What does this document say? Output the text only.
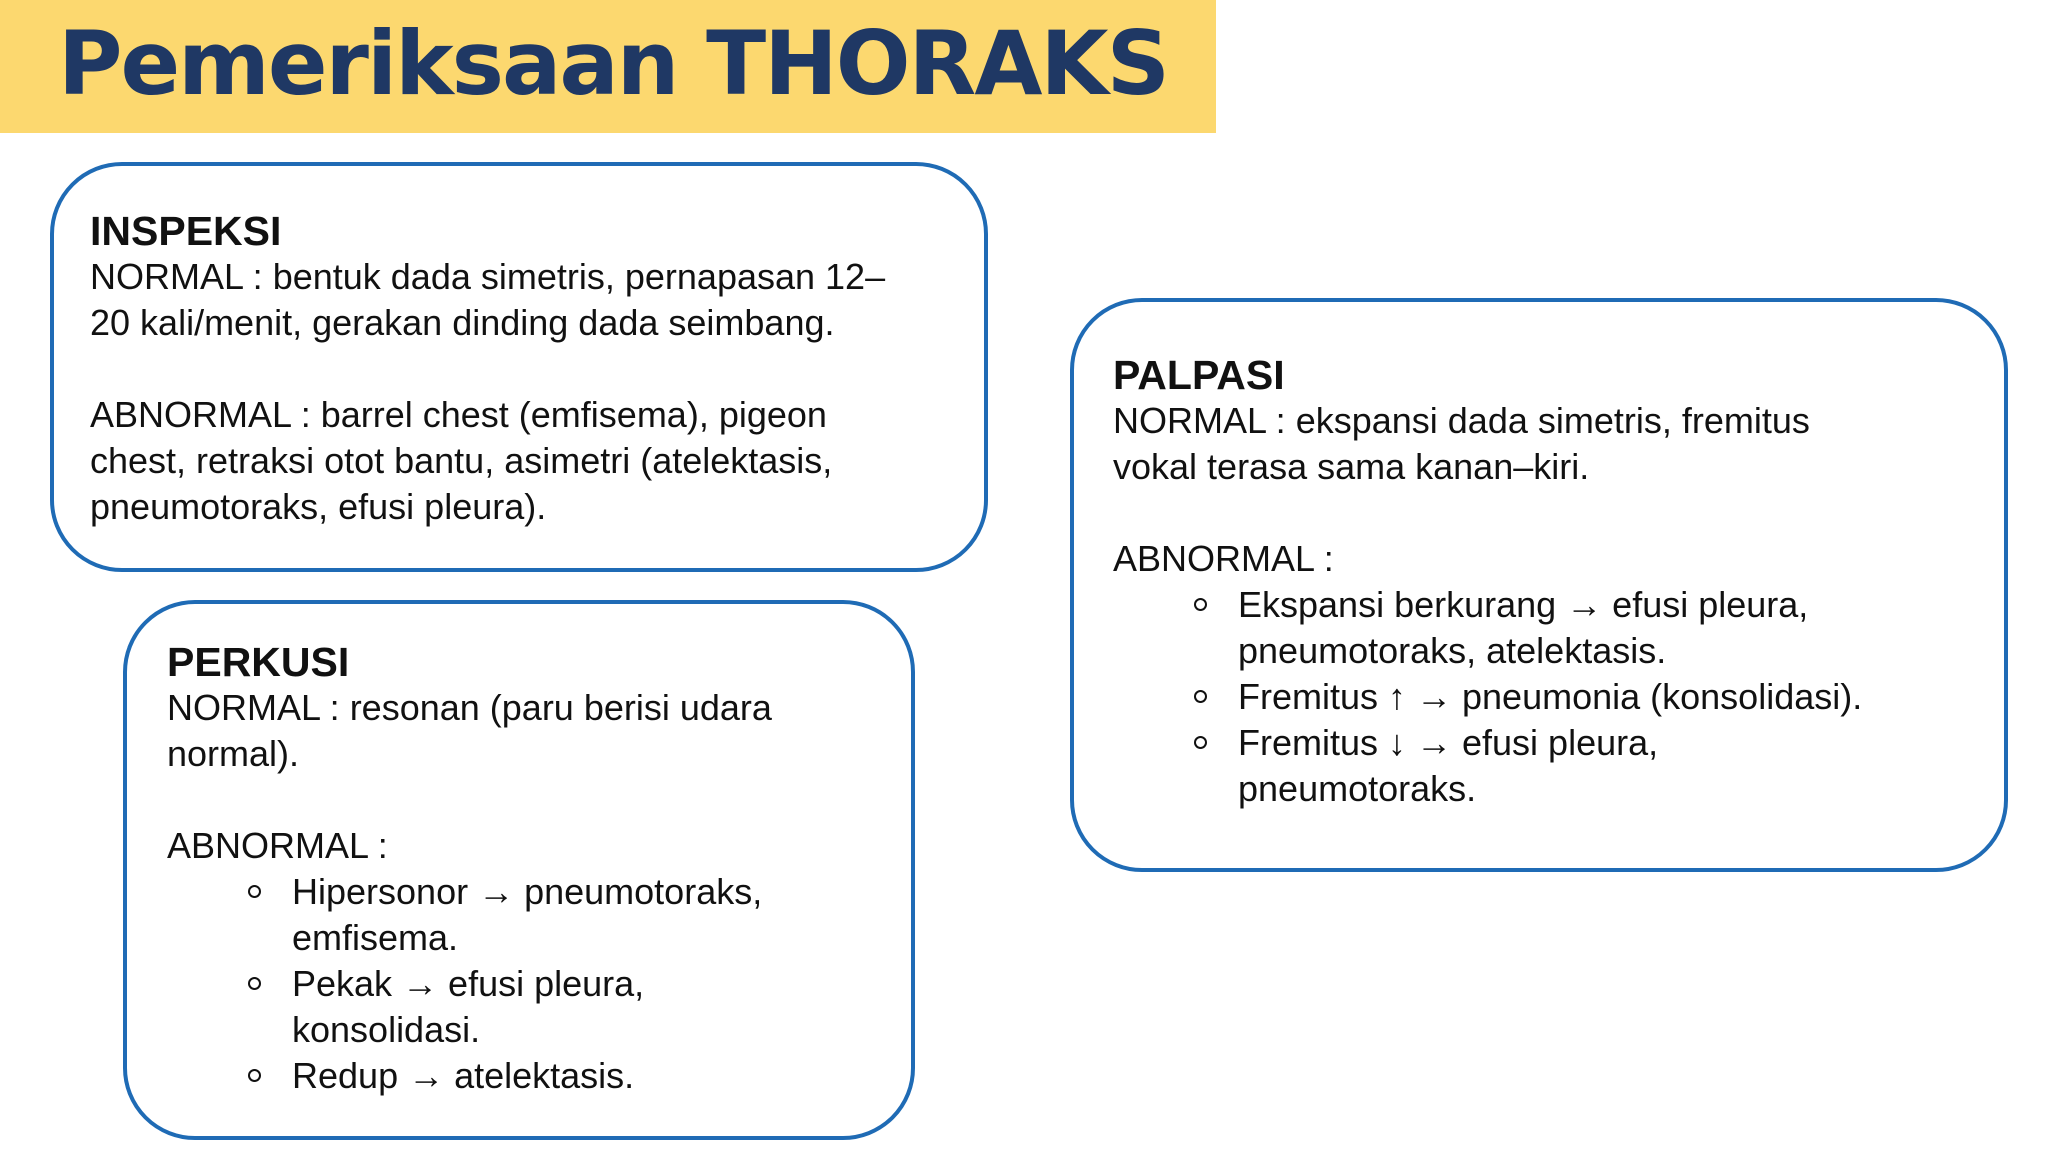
Pemeriksaan THORAKS
INSPEKSI
NORMAL : bentuk dada simetris, pernapasan 12–
20 kali/menit, gerakan dinding dada seimbang.
ABNORMAL : barrel chest (emfisema), pigeon
chest, retraksi otot bantu, asimetri (atelektasis,
pneumotoraks, efusi pleura).
PERKUSI
NORMAL : resonan (paru berisi udara
normal).
ABNORMAL :
Hipersonor → pneumotoraks,
emfisema.
Pekak → efusi pleura,
konsolidasi.
Redup → atelektasis.
PALPASI
NORMAL : ekspansi dada simetris, fremitus
vokal terasa sama kanan–kiri.
ABNORMAL :
Ekspansi berkurang → efusi pleura,
pneumotoraks, atelektasis.
Fremitus ↑ → pneumonia (konsolidasi).
Fremitus ↓ → efusi pleura,
pneumotoraks.
